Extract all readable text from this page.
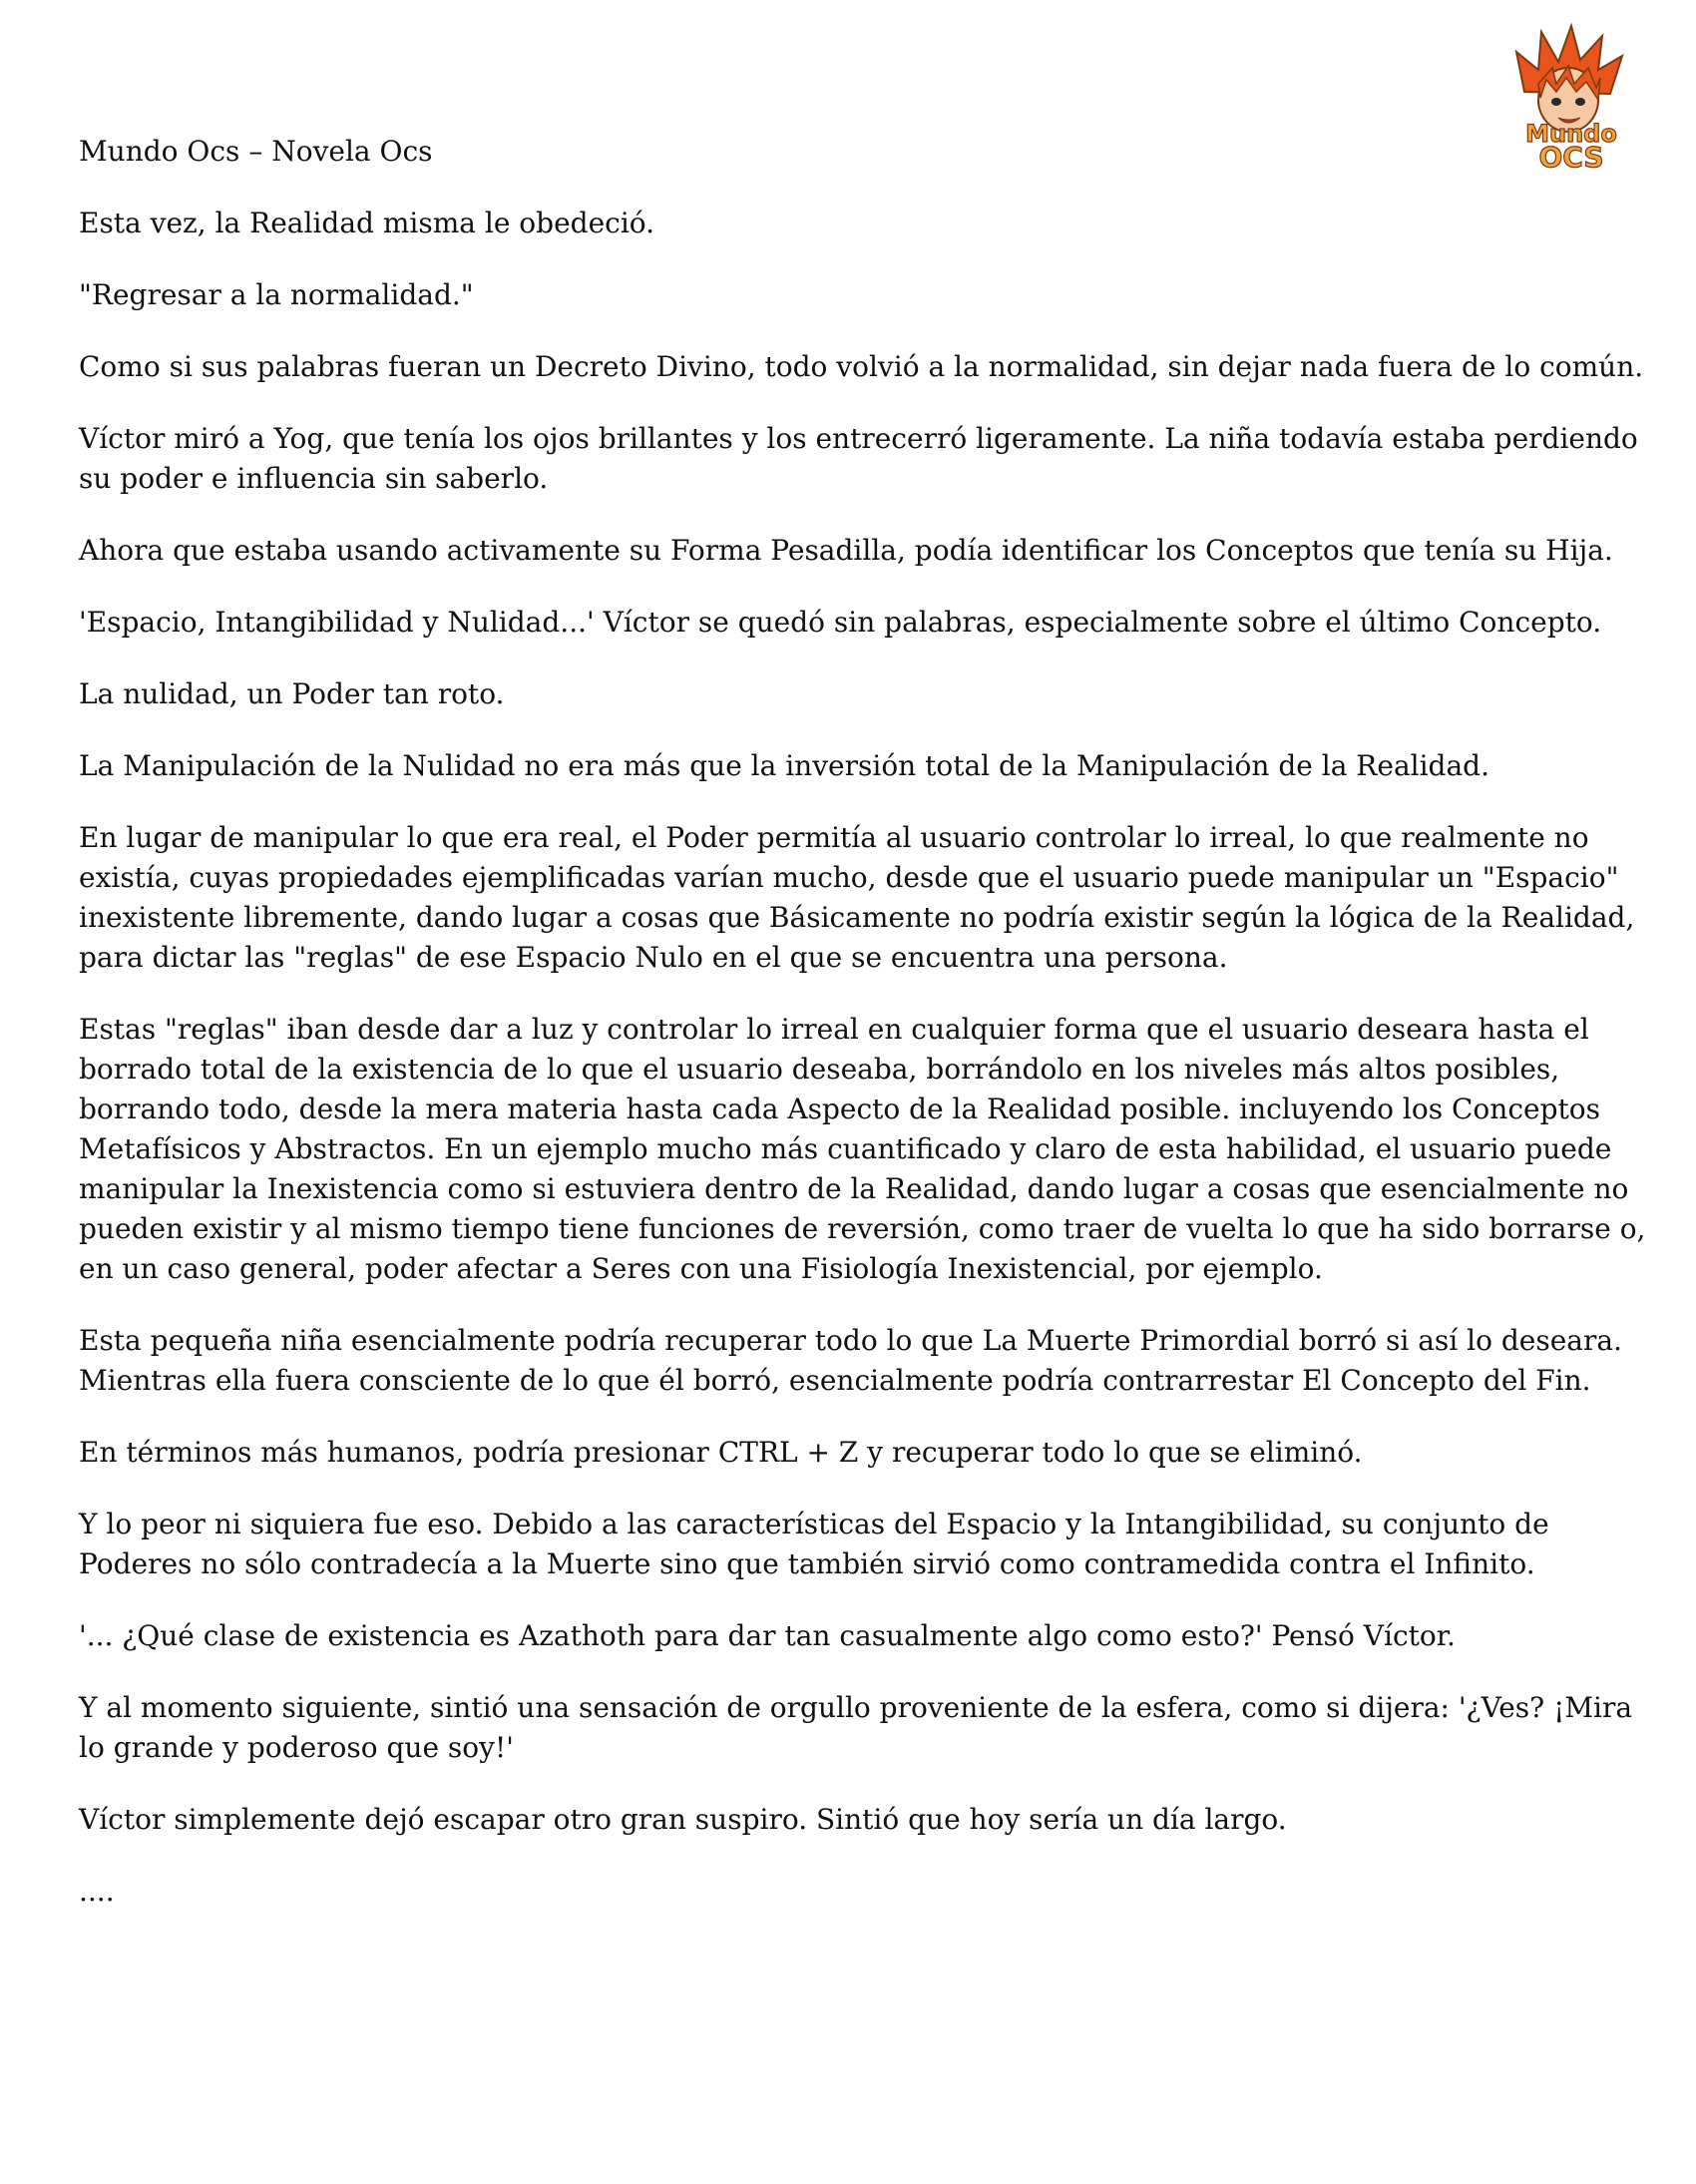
Mundo
OCS
Mundo Ocs – Novela Ocs

Esta vez, la Realidad misma le obedeció.

"Regresar a la normalidad."

Como si sus palabras fueran un Decreto Divino, todo volvió a la normalidad, sin dejar nada fuera de lo común.

Víctor miró a Yog, que tenía los ojos brillantes y los entrecerró ligeramente. La niña todavía estaba perdiendo su poder e influencia sin saberlo.

Ahora que estaba usando activamente su Forma Pesadilla, podía identificar los Conceptos que tenía su Hija.

'Espacio, Intangibilidad y Nulidad...' Víctor se quedó sin palabras, especialmente sobre el último Concepto.

La nulidad, un Poder tan roto.

La Manipulación de la Nulidad no era más que la inversión total de la Manipulación de la Realidad.

En lugar de manipular lo que era real, el Poder permitía al usuario controlar lo irreal, lo que realmente no existía, cuyas propiedades ejemplificadas varían mucho, desde que el usuario puede manipular un "Espacio" inexistente libremente, dando lugar a cosas que Básicamente no podría existir según la lógica de la Realidad, para dictar las "reglas" de ese Espacio Nulo en el que se encuentra una persona.

Estas "reglas" iban desde dar a luz y controlar lo irreal en cualquier forma que el usuario deseara hasta el borrado total de la existencia de lo que el usuario deseaba, borrándolo en los niveles más altos posibles, borrando todo, desde la mera materia hasta cada Aspecto de la Realidad posible. incluyendo los Conceptos Metafísicos y Abstractos. En un ejemplo mucho más cuantificado y claro de esta habilidad, el usuario puede manipular la Inexistencia como si estuviera dentro de la Realidad, dando lugar a cosas que esencialmente no pueden existir y al mismo tiempo tiene funciones de reversión, como traer de vuelta lo que ha sido borrarse o, en un caso general, poder afectar a Seres con una Fisiología Inexistencial, por ejemplo.

Esta pequeña niña esencialmente podría recuperar todo lo que La Muerte Primordial borró si así lo deseara. Mientras ella fuera consciente de lo que él borró, esencialmente podría contrarrestar El Concepto del Fin.

En términos más humanos, podría presionar CTRL + Z y recuperar todo lo que se eliminó.

Y lo peor ni siquiera fue eso. Debido a las características del Espacio y la Intangibilidad, su conjunto de Poderes no sólo contradecía a la Muerte sino que también sirvió como contramedida contra el Infinito.

'... ¿Qué clase de existencia es Azathoth para dar tan casualmente algo como esto?' Pensó Víctor.

Y al momento siguiente, sintió una sensación de orgullo proveniente de la esfera, como si dijera: '¿Ves? ¡Mira lo grande y poderoso que soy!'

Víctor simplemente dejó escapar otro gran suspiro. Sintió que hoy sería un día largo.

....
